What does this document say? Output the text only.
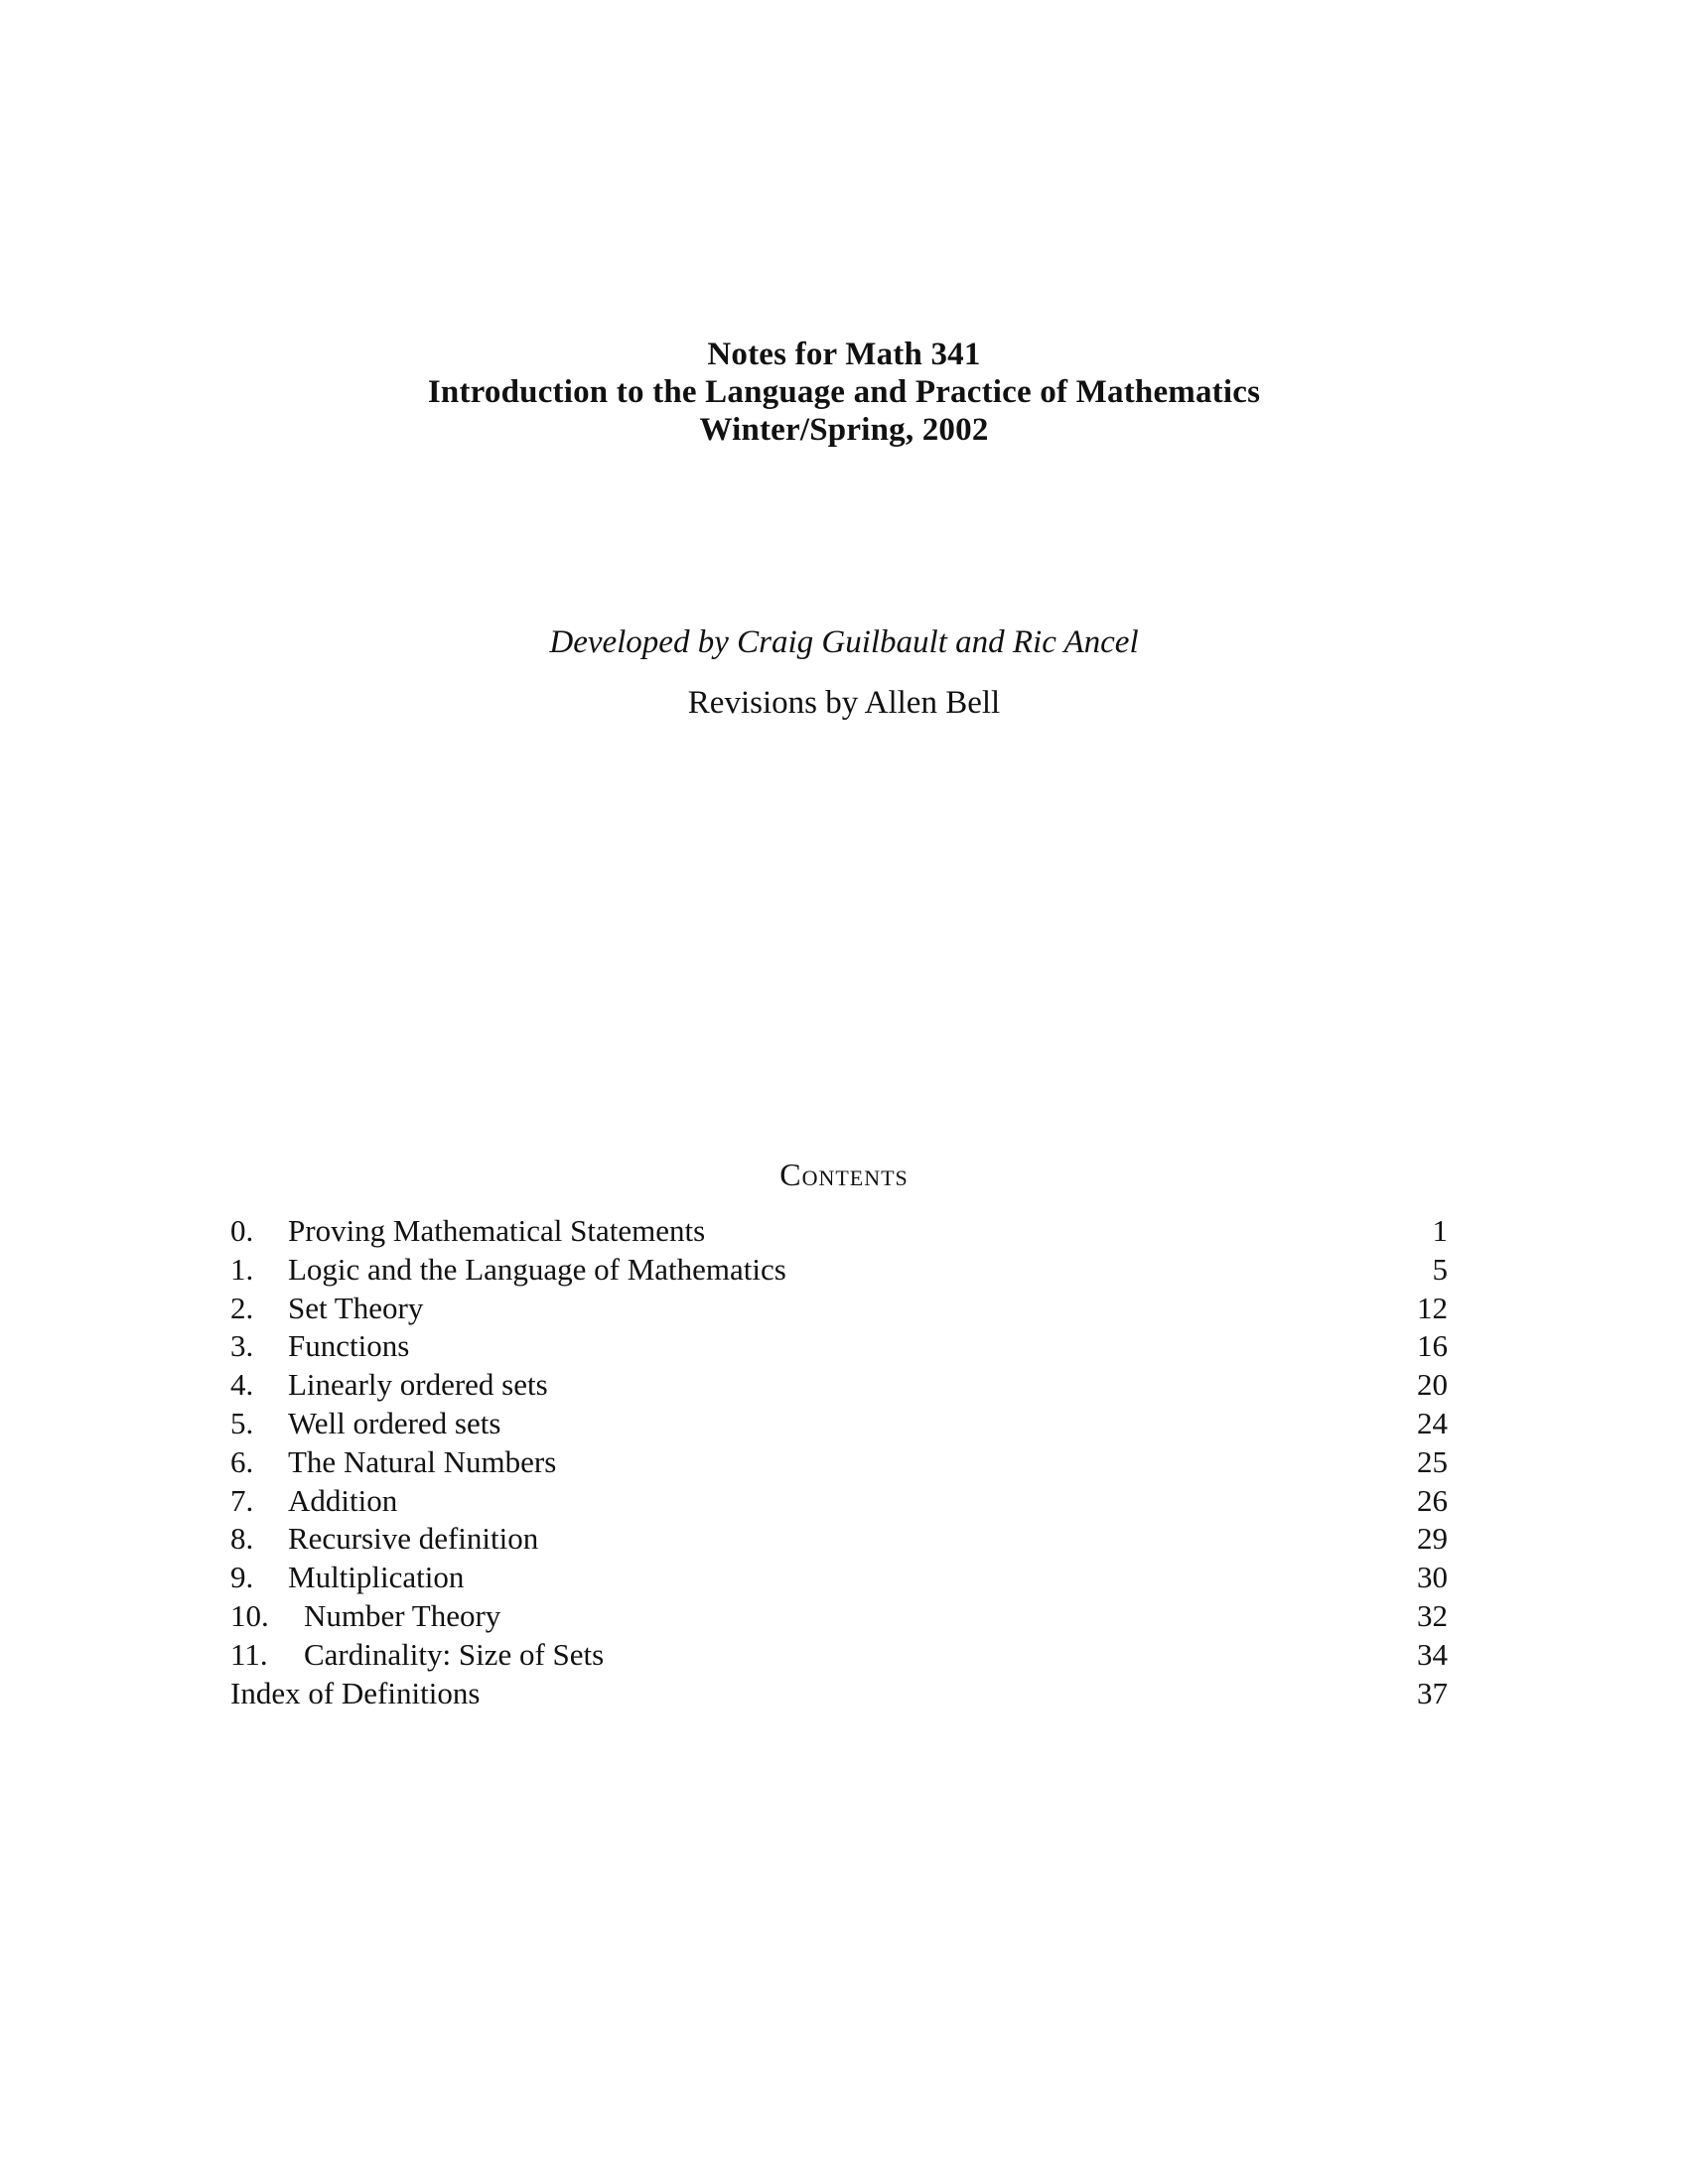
Notes for Math 341
Introduction to the Language and Practice of Mathematics
Winter/Spring, 2002
Developed by Craig Guilbault and Ric Ancel
Revisions by Allen Bell
Contents
0.	Proving Mathematical Statements	1
1.	Logic and the Language of Mathematics	5
2.	Set Theory	12
3.	Functions	16
4.	Linearly ordered sets	20
5.	Well ordered sets	24
6.	The Natural Numbers	25
7.	Addition	26
8.	Recursive definition	29
9.	Multiplication	30
10.	Number Theory	32
11.	Cardinality: Size of Sets	34
Index of Definitions	37
